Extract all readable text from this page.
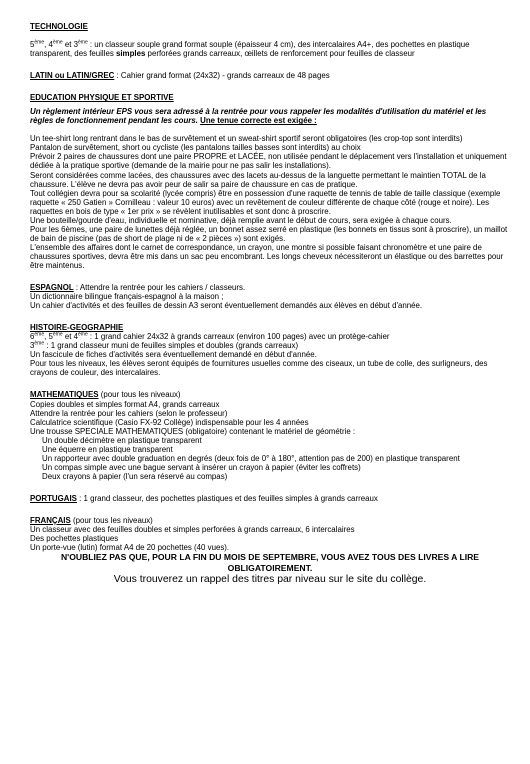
TECHNOLOGIE

5ème, 4ème et 3ème : un classeur souple grand format souple (épaisseur 4 cm), des intercalaires A4+, des pochettes en plastique transparent, des feuilles simples perforées grands carreaux, œillets de renforcement pour feuilles de classeur

LATIN ou LATIN/GREC : Cahier grand format (24x32) - grands carreaux de 48 pages

EDUCATION PHYSIQUE ET SPORTIVE

Un règlement intérieur EPS vous sera adressé à la rentrée pour vous rappeler les modalités d'utilisation du matériel et les règles de fonctionnement pendant les cours. Une tenue correcte est exigée :

Un tee-shirt long rentrant dans le bas de survêtement et un sweat-shirt sportif seront obligatoires (les crop-top sont interdits)

Pantalon de survêtement, short ou cycliste (les pantalons tailles basses sont interdits) au choix

Prévoir 2 paires de chaussures dont une paire PROPRE et LACÉE, non utilisée pendant le déplacement vers l'installation et uniquement dédiée à la pratique sportive (demande de la mairie pour ne pas salir les installations).

Seront considérées comme lacées, des chaussures avec des lacets au-dessus de la languette permettant le maintien TOTAL de la chaussure. L'élève ne devra pas avoir peur de salir sa paire de chaussure en cas de pratique.

Tout collégien devra pour sa scolarité (lycée compris) être en possession d'une raquette de tennis de table de taille classique (exemple raquette « 250 Gatien » Cornilleau : valeur 10 euros) avec un revêtement de couleur différente de chaque côté (rouge et noire). Les raquettes en bois de type « 1er prix » se révèlent inutilisables et sont donc à proscrire.

Une bouteille/gourde d'eau, individuelle et nominative, déjà remplie avant le début de cours, sera exigée à chaque cours.

Pour les 6èmes, une paire de lunettes déjà réglée, un bonnet assez serré en plastique (les bonnets en tissus sont à proscrire), un maillot de bain de piscine (pas de short de plage ni de « 2 pièces ») sont exigés.

L'ensemble des affaires dont le carnet de correspondance, un crayon, une montre si possible faisant chronomètre et une paire de chaussures sportives, devra être mis dans un sac peu encombrant. Les longs cheveux nécessiteront un élastique ou des barrettes pour être maintenus.

ESPAGNOL : Attendre la rentrée pour les cahiers / classeurs.

Un dictionnaire bilingue français-espagnol à la maison ;

Un cahier d'activités et des feuilles de dessin A3 seront éventuellement demandés aux élèves en début d'année.

HISTOIRE-GEOGRAPHIE

6ème, 5ème et 4ème : 1 grand cahier 24x32 à grands carreaux (environ 100 pages) avec un protège-cahier

3ème : 1 grand classeur muni de feuilles simples et doubles (grands carreaux)

Un fascicule de fiches d'activités sera éventuellement demandé en début d'année.

Pour tous les niveaux, les élèves seront équipés de fournitures usuelles comme des ciseaux, un tube de colle, des surligneurs, des crayons de couleur, des intercalaires.

MATHEMATIQUES (pour tous les niveaux)

Copies doubles et simples format A4, grands carreaux

Attendre la rentrée pour les cahiers (selon le professeur)

Calculatrice scientifique (Casio FX-92 Collège) indispensable pour les 4 années

Une trousse SPECIALE MATHEMATIQUES (obligatoire) contenant le matériel de géométrie :

Un double décimètre en plastique transparent

Une équerre en plastique transparent

Un rapporteur avec double graduation en degrés (deux fois de 0° à 180°, attention pas de 200) en plastique transparent

Un compas simple avec une bague servant à insérer un crayon à papier (éviter les coffrets)

Deux crayons à papier (l'un sera réservé au compas)

PORTUGAIS : 1 grand classeur, des pochettes plastiques et des feuilles simples à grands carreaux

FRANÇAIS (pour tous les niveaux)

Un classeur avec des feuilles doubles et simples perforées à grands carreaux, 6 intercalaires

Des pochettes plastiques

Un porte-vue (lutin) format A4 de 20 pochettes (40 vues).

N'OUBLIEZ PAS QUE, POUR LA FIN DU MOIS DE SEPTEMBRE, VOUS AVEZ TOUS DES LIVRES A LIRE OBLIGATOIREMENT.

Vous trouverez un rappel des titres par niveau sur le site du collège.
